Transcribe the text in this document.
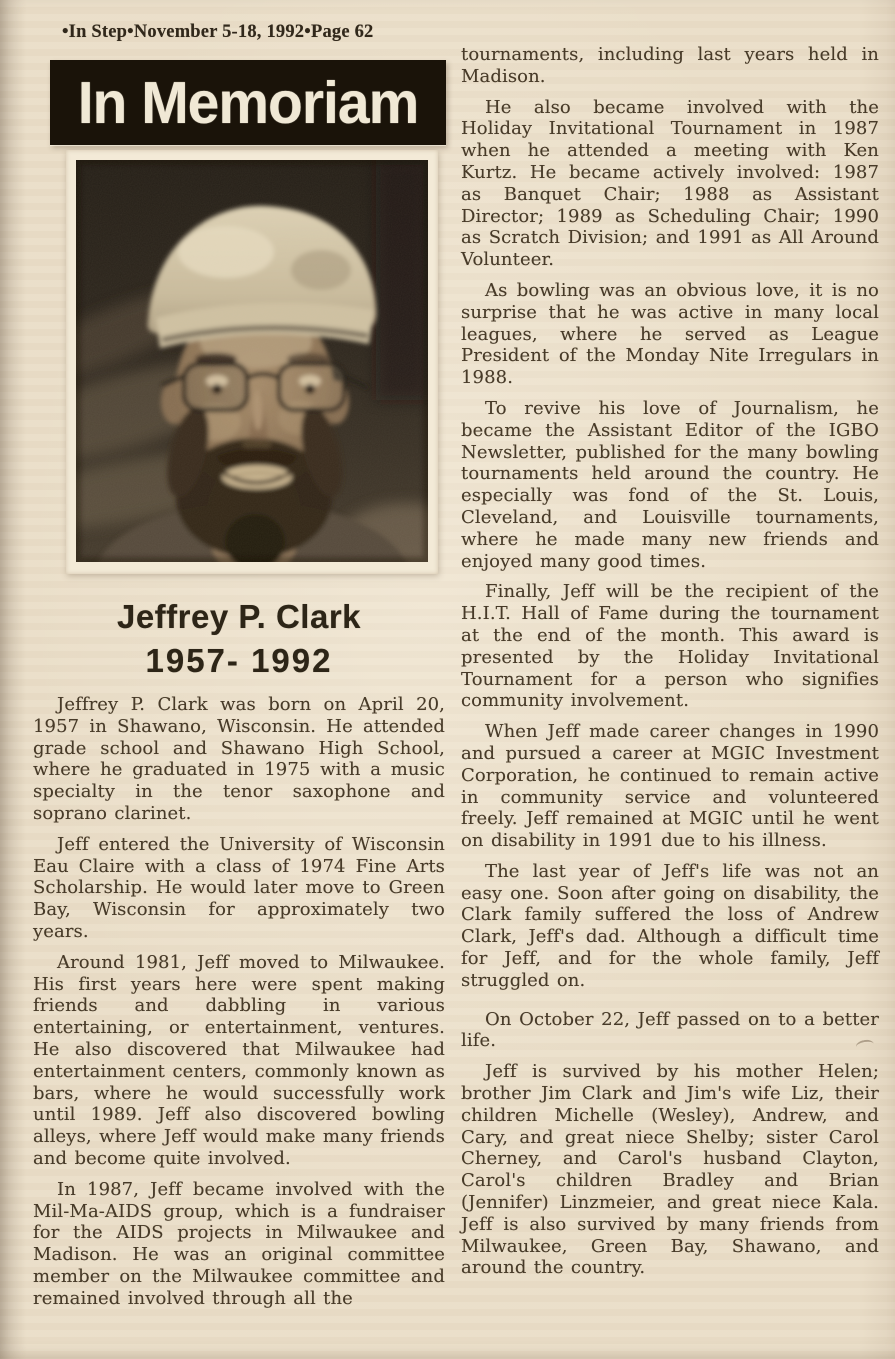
•In Step•November 5-18, 1992•Page 62
In Memoriam
Jeffrey P. Clark
1957- 1992

Jeffrey P. Clark was born on April 20, 1957 in Shawano, Wisconsin. He attended grade school and Shawano High School, where he graduated in 1975 with a music specialty in the tenor saxophone and soprano clarinet.

Jeff entered the University of Wisconsin Eau Claire with a class of 1974 Fine Arts Scholarship. He would later move to Green Bay, Wisconsin for approximately two years.

Around 1981, Jeff moved to Milwaukee. His first years here were spent making friends and dabbling in various entertaining, or entertainment, ventures. He also discovered that Milwaukee had entertainment centers, commonly known as bars, where he would successfully work until 1989. Jeff also discovered bowling alleys, where Jeff would make many friends and become quite involved.

In 1987, Jeff became involved with the Mil-Ma-AIDS group, which is a fundraiser for the AIDS projects in Milwaukee and Madison. He was an original committee member on the Milwaukee committee and remained involved through all the

tournaments, including last years held in Madison.

He also became involved with the Holiday Invitational Tournament in 1987 when he attended a meeting with Ken Kurtz. He became actively involved: 1987 as Banquet Chair; 1988 as Assistant Director; 1989 as Scheduling Chair; 1990 as Scratch Division; and 1991 as All Around Volunteer.

As bowling was an obvious love, it is no surprise that he was active in many local leagues, where he served as League President of the Monday Nite Irregulars in 1988.

To revive his love of Journalism, he became the Assistant Editor of the IGBO Newsletter, published for the many bowling tournaments held around the country. He especially was fond of the St. Louis, Cleveland, and Louisville tournaments, where he made many new friends and enjoyed many good times.

Finally, Jeff will be the recipient of the H.I.T. Hall of Fame during the tournament at the end of the month. This award is presented by the Holiday Invitational Tournament for a person who signifies community involvement.

When Jeff made career changes in 1990 and pursued a career at MGIC Investment Corporation, he continued to remain active in community service and volunteered freely. Jeff remained at MGIC until he went on disability in 1991 due to his illness.

The last year of Jeff's life was not an easy one. Soon after going on disability, the Clark family suffered the loss of Andrew Clark, Jeff's dad. Although a difficult time for Jeff, and for the whole family, Jeff struggled on.

On October 22, Jeff passed on to a better life.

Jeff is survived by his mother Helen; brother Jim Clark and Jim's wife Liz, their children Michelle (Wesley), Andrew, and Cary, and great niece Shelby; sister Carol Cherney, and Carol's husband Clayton, Carol's children Bradley and Brian (Jennifer) Linzmeier, and great niece Kala. Jeff is also survived by many friends from Milwaukee, Green Bay, Shawano, and around the country.
